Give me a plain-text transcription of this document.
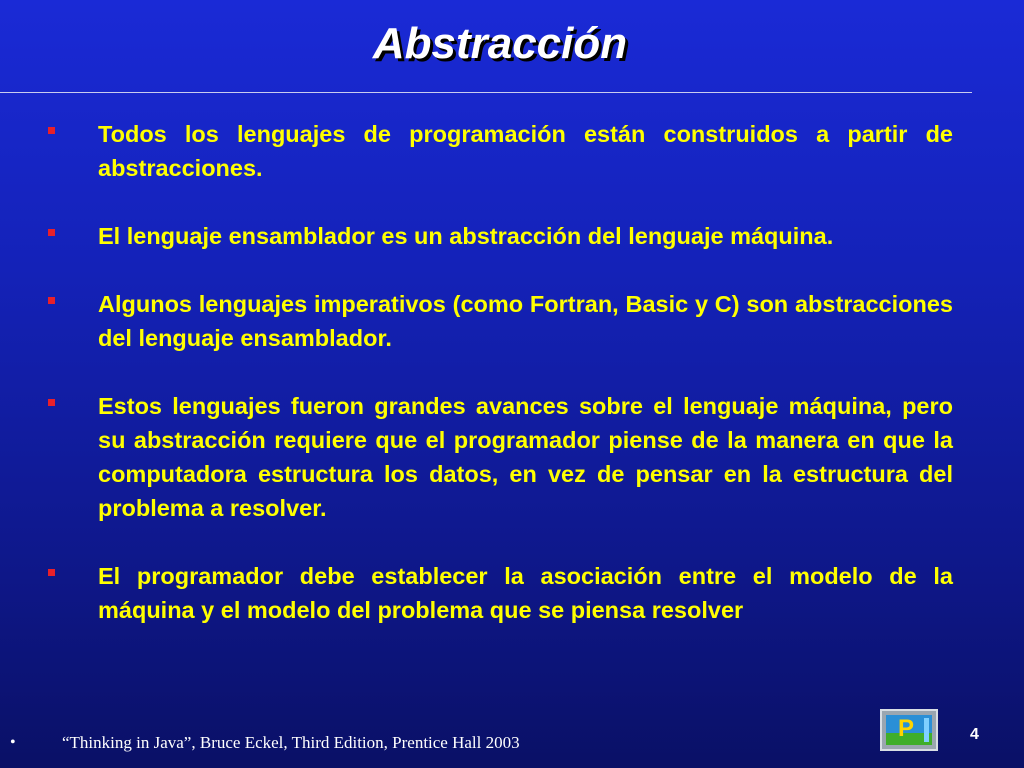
Abstracción
Todos los lenguajes de programación están construidos a partir de abstracciones.
El lenguaje ensamblador es un abstracción del lenguaje máquina.
Algunos lenguajes imperativos (como Fortran, Basic y C) son abstracciones del lenguaje ensamblador.
Estos lenguajes fueron grandes avances sobre el lenguaje máquina, pero su abstracción requiere que el programador piense de la manera en que la computadora estructura los datos, en vez de pensar en la estructura del problema a resolver.
El programador debe establecer la asociación entre el modelo de la máquina y el modelo del problema que se piensa resolver
•	“Thinking in Java”, Bruce Eckel, Third Edition, Prentice Hall 2003
P	4
